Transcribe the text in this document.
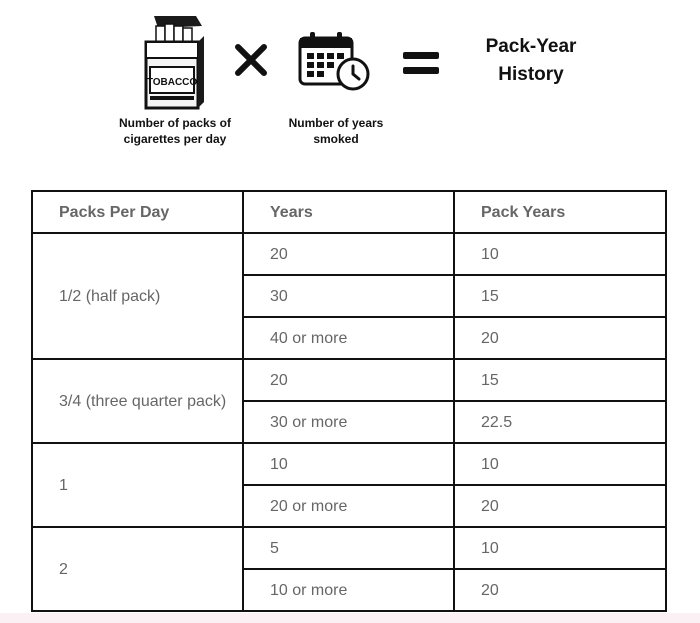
TOBACCO
Number of packs of
cigarettes per day
Number of years
smoked
Pack-Year
History
Packs Per Day	Years	Pack Years
1/2 (half pack)	20	10
	30	15
	40 or more	20
3/4 (three quarter pack)	20	15
	30 or more	22.5
1	10	10
	20 or more	20
2	5	10
	10 or more	20
